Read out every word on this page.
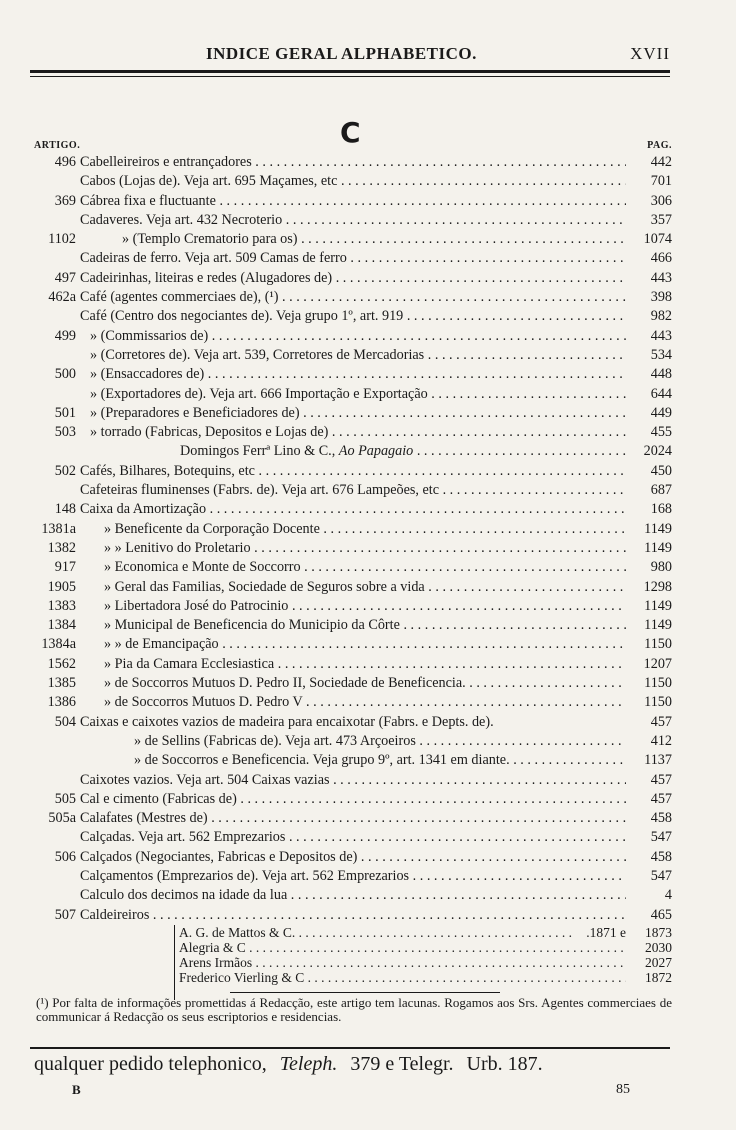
INDICE GERAL ALPHABETICO.	XVII
C
ARTIGO.	PAG.
496 Cabelleireiros e entrançadores . . .	442
Cabos (Lojas de). Veja art. 695 Maçames, etc . . .	701
369 Cábrea fixa e fluctuante . . .	306
Cadaveres. Veja art. 432 Necroterio . . .	357
1102	» (Templo Crematorio para os) . . .	1074
Cadeiras de ferro. Veja art. 509 Camas de ferro . . .	466
497 Cadeirinhas, liteiras e redes (Alugadores de) . . .	443
462a Café (agentes commerciaes de), (¹) . . .	398
Café (Centro dos negociantes de). Veja grupo 1º, art. 919 . . .	982
499 » (Commissarios de) . . .	443
» (Corretores de). Veja art. 539, Corretores de Mercadorias . . .	534
500 » (Ensaccadores de) . . .	448
» (Exportadores de). Veja art. 666 Importação e Exportação . . .	644
501 » (Preparadores e Beneficiadores de) . . .	449
503 » torrado (Fabricas, Depositos e Lojas de) . . .	455
Domingos Ferrª Lino & C., Ao Papagaio . . .	2024
502 Cafés, Bilhares, Botequins, etc . . .	450
Cafeteiras fluminenses (Fabrs. de). Veja art. 676 Lampeões, etc . . .	687
148 Caixa da Amortização . . .	168
1381a	» Beneficente da Corporação Docente . . .	1149
1382	» » Lenitivo do Proletario . . .	1149
917	» Economica e Monte de Soccorro . . .	980
1905	» Geral das Familias, Sociedade de Seguros sobre a vida . . .	1298
1383	» Libertadora José do Patrocinio . . .	1149
1384	» Municipal de Beneficencia do Municipio da Côrte . . .	1149
1384a	» » de Emancipação . . .	1150
1562	» Pia da Camara Ecclesiastica . . .	1207
1385	» de Soccorros Mutuos D. Pedro II, Sociedade de Beneficencia. . . .	1150
1386	» de Soccorros Mutuos D. Pedro V . . .	1150
504 Caixas e caixotes vazios de madeira para encaixotar (Fabrs. e Depts. de).	457
» de Sellins (Fabricas de). Veja art. 473 Arçoeiros . . .	412
» de Soccorros e Beneficencia. Veja grupo 9º, art. 1341 em diante. . . .	1137
Caixotes vazios. Veja art. 504 Caixas vazias . . .	457
505 Cal e cimento (Fabricas de) . . .	457
505a Calafates (Mestres de) . . .	458
Calçadas. Veja art. 562 Emprezarios . . .	547
506 Calçados (Negociantes, Fabricas e Depositos de) . . .	458
Calçamentos (Emprezarios de). Veja art. 562 Emprezarios . . .	547
Calculo dos decimos na idade da lua . . .	4
507 Caldeireiros . . .	465
A. G. de Mattos & C. . . .	.1871 e	1873
Alegria & C . . .	2030
Arens Irmãos . . .	2027
Frederico Vierling & C . . .	1872
(¹) Por falta de informações promettidas á Redacção, este artigo tem lacunas. Rogamos aos Srs. Agentes commerciaes de communicar á Redacção os seus escriptorios e residencias.
qualquer pedido telephonico, Teleph. 379 e Telegr. Urb. 187.
B	85
